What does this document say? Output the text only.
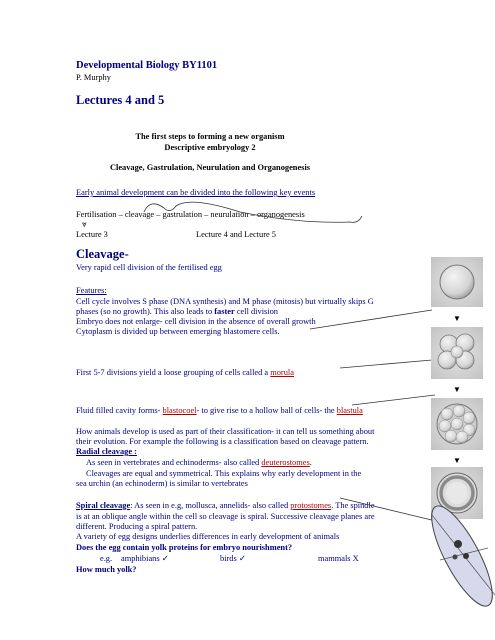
Developmental Biology BY1101
P. Murphy
Lectures 4 and 5
The first steps to forming a new organism
Descriptive embryology 2
Cleavage, Gastrulation, Neurulation and Organogenesis
Early animal development can be divided into the following key events
Fertilisation – cleavage – gastrulation – neurulation – organogenesis
⩔
Lecture 3	Lecture 4 and Lecture 5
Cleavage-
Very rapid cell division of the fertilised egg
Features:
Cell cycle involves S phase (DNA synthesis) and M phase (mitosis) but virtually skips G
phases (so no growth). This also leads to faster cell division
Embryo does not enlarge- cell division in the absence of overall growth
Cytoplasm is divided up between emerging blastomere cells.
First 5-7 divisions yield a loose grouping of cells called a morula
Fluid filled cavity forms- blastocoel- to give rise to a hollow ball of cells- the blastula
How animals develop is used as part of their classification- it can tell us something about
their evolution. For example the following is a classification based on cleavage pattern.
Radial cleavage :
As seen in vertebrates and echinoderms- also called deuterostomes.
Cleavages are equal and symmetrical. This explains why early development in the
sea urchin (an echinoderm) is similar to vertebrates
Spiral cleavage: As seen in e.g, mollusca, annelids- also called protostomes. The spindle
is at an oblique angle within the cell so cleavage is spiral. Successive cleavage planes are
different. Producing a spiral pattern.
A variety of egg designs underlies differences in early development of animals
Does the egg contain yolk proteins for embryo nourishment?
e.g. amphibians ✓	birds ✓	mammals X
How much yolk?
▼
▼
▼
